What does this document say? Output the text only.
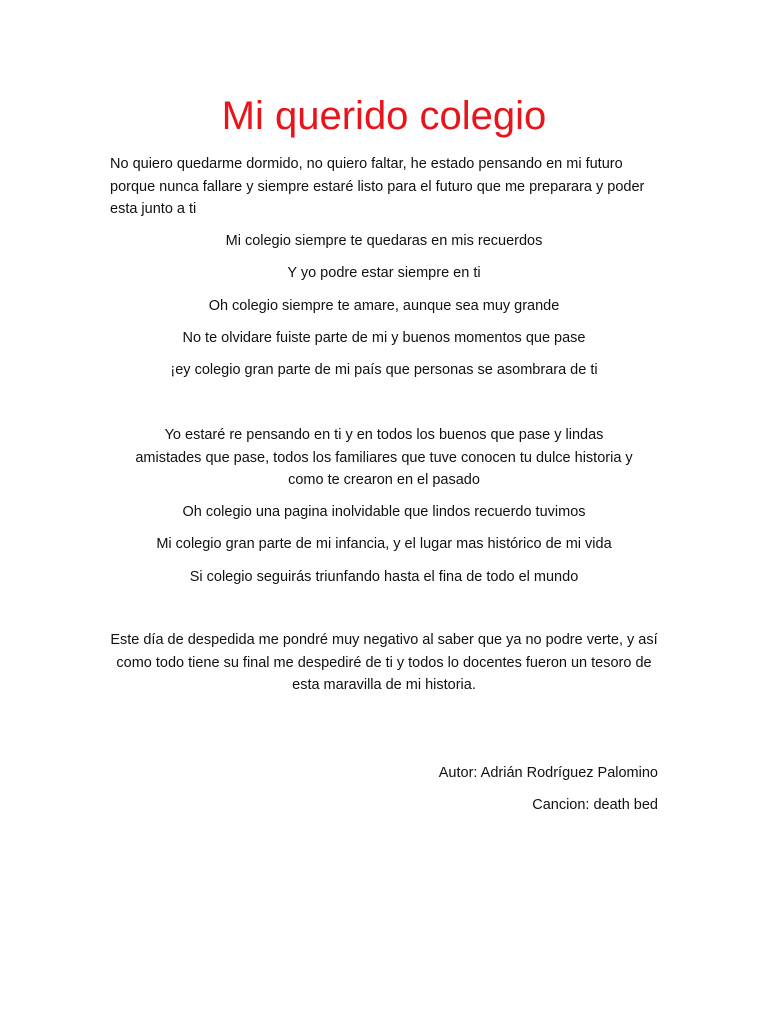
Mi querido colegio

No quiero quedarme dormido, no quiero faltar, he estado pensando en mi futuro porque nunca fallare y siempre estaré listo para el futuro que me preparara y poder esta junto a ti

Mi colegio siempre te quedaras en mis recuerdos

Y yo podre estar siempre en ti

Oh colegio siempre te amare, aunque sea muy grande

No te olvidare fuiste parte de mi y buenos momentos que pase

¡ey colegio gran parte de mi país que personas se asombrara de ti

Yo estaré re pensando en ti y en todos los buenos que pase y lindas amistades que pase, todos los familiares que tuve conocen tu dulce historia y como te crearon en el pasado

Oh colegio una pagina inolvidable que lindos recuerdo tuvimos

Mi colegio gran parte de mi infancia, y el lugar mas histórico de mi vida

Si colegio seguirás triunfando hasta el fina de todo el mundo

Este día de despedida me pondré muy negativo al saber que ya no podre verte, y así como todo tiene su final me despediré de ti y todos lo docentes fueron un tesoro de esta maravilla de mi historia.

Autor: Adrián Rodríguez Palomino

Cancion: death bed
